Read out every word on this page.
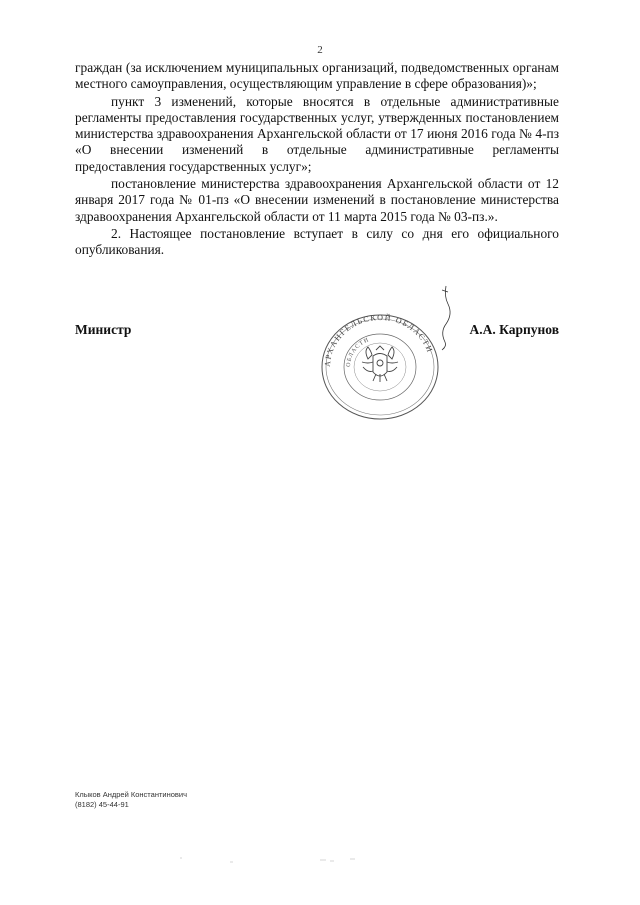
2

граждан (за исключением муниципальных организаций, подведомственных органам местного самоуправления, осуществляющим управление в сфере образования)»;

пункт 3 изменений, которые вносятся в отдельные административные регламенты предоставления государственных услуг, утвержденных постановлением министерства здравоохранения Архангельской области от 17 июня 2016 года № 4-пз «О внесении изменений в отдельные административные регламенты предоставления государственных услуг»;

постановление министерства здравоохранения Архангельской области от 12 января 2017 года № 01-пз «О внесении изменений в постановление министерства здравоохранения Архангельской области от 11 марта 2015 года № 03-пз.».

2. Настоящее постановление вступает в силу со дня его официального опубликования.

АРХАНГЕЛЬСКОЙ ОБЛАСТИ
ОБЛАСТИ
Министр	А.А. Карпунов
Клыков Андрей Константинович
(8182) 45-44-91
